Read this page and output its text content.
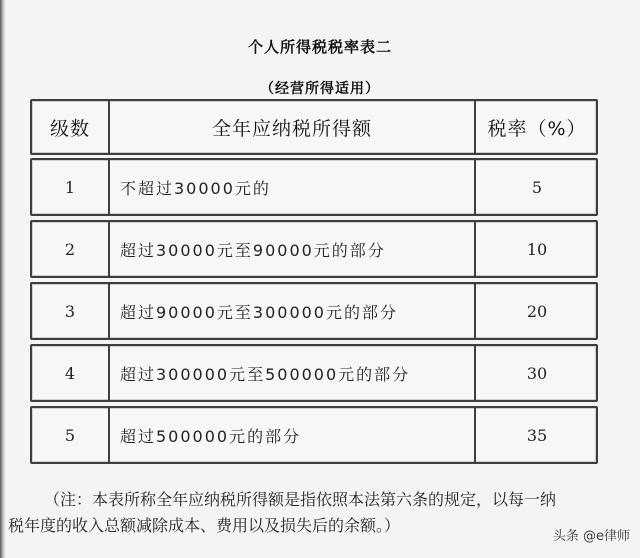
个人所得税税率表二
（经营所得适用）
级数	全年应纳税所得额	税率（%）
1	不超过30000元的	5
2	超过30000元至90000元的部分	10
3	超过90000元至300000元的部分	20
4	超过300000元至500000元的部分	30
5	超过500000元的部分	35
（注：本表所称全年应纳税所得额是指依照本法第六条的规定，以每一纳
税年度的收入总额减除成本、费用以及损失后的余额。）
头条 @e律师
